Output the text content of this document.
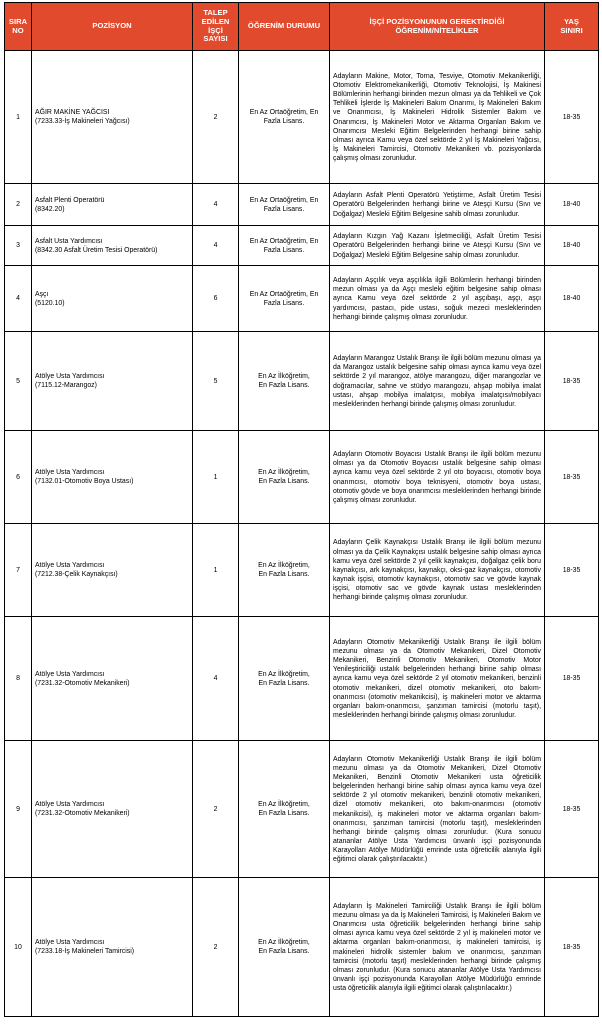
SIRA
NO	POZİSYON	TALEP
EDİLEN
İŞÇİ
SAYISI	ÖĞRENİM DURUMU	İŞÇİ POZİSYONUNUN GEREKTİRDİĞİ
ÖĞRENİM/NİTELİKLER	YAŞ
SINIRI

1	AĞIR MAKİNE YAĞCISI
(7233.33-İş Makineleri Yağcısı)	2	En Az Ortaöğretim, En
Fazla Lisans.	Adayların Makine, Motor, Torna, Tesviye, Otomotiv Mekanikerliği, Otomotiv Elektromekanikerliği, Otomotiv Teknolojisi, İş Makinesi Bölümlerinin herhangi birinden mezun olması ya da Tehlikeli ve Çok Tehlikeli İşlerde İş Makineleri Bakım Onarımı, İş Makineleri Bakım ve Onarımcısı, İş Makineleri Hidrolik Sistemler Bakım ve Onarımcısı, İş Makineleri Motor ve Aktarma Organları Bakım ve Onarımcısı Mesleki Eğitim Belgelerinden herhangi birine sahip olması ayrıca Kamu veya özel sektörde 2 yıl İş Makineleri Yağcısı, İş Makineleri Tamircisi, Otomotiv Mekanikeri vb. pozisyonlarda çalışmış olması zorunludur.	18-35
2	Asfalt Plenti Operatörü
(8342.20)	4	En Az Ortaöğretim, En
Fazla Lisans.	Adayların Asfalt Plenti Operatörü Yetiştirme, Asfalt Üretim Tesisi Operatörü Belgelerinden herhangi birine ve Ateşçi Kursu (Sıvı ve Doğalgaz) Mesleki Eğitim Belgesine sahib olması zorunludur.	18-40
3	Asfalt Usta Yardımcısı
(8342.30 Asfalt Üretim Tesisi Operatörü)	4	En Az Ortaöğretim, En
Fazla Lisans.	Adayların Kızgın Yağ Kazanı İşletmeciliği, Asfalt Üretim Tesisi Operatörü Belgelerinden herhangi birine ve Ateşçi Kursu (Sıvı ve Doğalgaz) Mesleki Eğitim Belgesine sahip olması zorunludur.	18-40
4	Aşçı
(5120.10)	6	En Az Ortaöğretim, En
Fazla Lisans.	Adayların Aşçılık veya aşçılıkla ilgili Bölümlerin herhangi birinden mezun olması ya da Aşçı mesleki eğitim belgesine sahip olması ayrıca Kamu veya özel sektörde 2 yıl aşçıbaşı, aşçı, aşçı yardımcısı, pastacı, pide ustası, soğuk mezeci mesleklerinden herhangi birinde çalışmış olması zorunludur.	18-40
5	Atölye Usta Yardımcısı
(7115.12-Marangoz)	5	En Az İlköğretim,
En Fazla Lisans.	Adayların Marangoz Ustalık Branşı ile ilgili bölüm mezunu olması ya da Marangoz ustalık belgesine sahip olması ayrıca kamu veya özel sektörde 2 yıl marangoz, atölye marangozu, diğer marangozlar ve doğramacılar, sahne ve stüdyo marangozu, ahşap mobilya imalat ustası, ahşap mobilya imalatçısı, mobilya imalatçısı/mobilyacı mesleklerinden herhangi birinde çalışmış olması zorunludur.	18-35
6	Atölye Usta Yardımcısı
(7132.01-Otomotiv Boya Ustası)	1	En Az İlköğretim,
En Fazla Lisans.	Adayların Otomotiv Boyacısı Ustalık Branşı ile ilgili bölüm mezunu olması ya da Otomotiv Boyacısı ustalık belgesine sahip olması ayrıca kamu veya özel sektörde 2 yıl oto boyacısı, otomotiv boya onarımcısı, otomotiv boya teknisyeni, otomotiv boya ustası, otomotiv gövde ve boya onarımcısı mesleklerinden herhangi birinde çalışmış olması zorunludur.	18-35
7	Atölye Usta Yardımcısı
(7212.38-Çelik Kaynakçısı)	1	En Az İlköğretim,
En Fazla Lisans.	Adayların Çelik Kaynakçısı Ustalık Branşı ile ilgili bölüm mezunu olması ya da Çelik Kaynakçısı ustalık belgesine sahip olması ayrıca kamu veya özel sektörde 2 yıl çelik kaynakçısı, doğalgaz çelik boru kaynakçısı, ark kaynakçısı, kaynakçı, oksi-gaz kaynakçısı, otomotiv kaynak işçisi, otomotiv kaynakçısı, otomotiv sac ve gövde kaynak işçisi, otomotiv sac ve gövde kaynak ustası mesleklerinden herhangi birinde çalışmış olması zorunludur.	18-35
8	Atölye Usta Yardımcısı
(7231.32-Otomotiv Mekanikeri)	4	En Az İlköğretim,
En Fazla Lisans.	Adayların Otomotiv Mekanikerliği Ustalık Branşı ile ilgili bölüm mezunu olması ya da Otomotiv Mekanikeri, Dizel Otomotiv Mekanikeri, Benzinli Otomotiv Mekanikeri, Otomotiv Motor Yenileştiriciliği ustalık belgelerinden herhangi birine sahip olması ayrıca kamu veya özel sektörde 2 yıl otomotiv mekanikeri, benzinli otomotiv mekanikeri, dizel otomotiv mekanikeri, oto bakım-onarımcısı (otomotiv mekanikcisi), iş makineleri motor ve aktarma organları bakım-onarımcısı, şanzıman tamircisi (motorlu taşıt), mesleklerinden herhangi birinde çalışmış olması zorunludur.	18-35
9	Atölye Usta Yardımcısı
(7231.32-Otomotiv Mekanikeri)	2	En Az İlköğretim,
En Fazla Lisans.	Adayların Otomotiv Mekanikerliği Ustalık Branşı ile ilgili bölüm mezunu olması ya da Otomotiv Mekanikeri, Dizel Otomotiv Mekanikeri, Benzinli Otomotiv Mekanikeri usta öğreticilik belgelerinden herhangi birine sahip olması ayrıca kamu veya özel sektörde 2 yıl otomotiv mekanikeri, benzinli otomotiv mekanikeri, dizel otomotiv mekanikeri, oto bakım-onarımcısı (otomotiv mekanikcisi), iş makineleri motor ve aktarma organları bakım-onarımcısı, şanzıman tamircisi (motorlu taşıt), mesleklerinden herhangi birinde çalışmış olması zorunludur. (Kura sonucu atananlar Atölye Usta Yardımcısı ünvanlı işçi pozisyonunda Karayolları Atölye Müdürlüğü emrinde usta öğreticilik alanıyla ilgili eğitimci olarak çalıştırılacaktır.)	18-35
10	Atölye Usta Yardımcısı
(7233.18-İş Makineleri Tamircisi)	2	En Az İlköğretim,
En Fazla Lisans.	Adayların İş Makineleri Tamirciliği Ustalık Branşı ile ilgili bölüm mezunu olması ya da İş Makineleri Tamircisi, İş Makineleri Bakım ve Onarımcısı usta öğreticilik belgelerinden herhangi birine sahip olması ayrıca kamu veya özel sektörde 2 yıl iş makineleri motor ve aktarma organları bakım-onarımcısı, iş makineleri tamircisi, iş makineleri hidrolik sistemler bakım ve onarımcısı, şanzıman tamircisi (motorlu taşıt) mesleklerinden herhangi birinde çalışmış olması zorunludur. (Kura sonucu atananlar Atölye Usta Yardımcısı ünvanlı işçi pozisyonunda Karayolları Atölye Müdürlüğü emrinde usta öğreticilik alanıyla ilgili eğitimci olarak çalıştırılacaktır.)	18-35
